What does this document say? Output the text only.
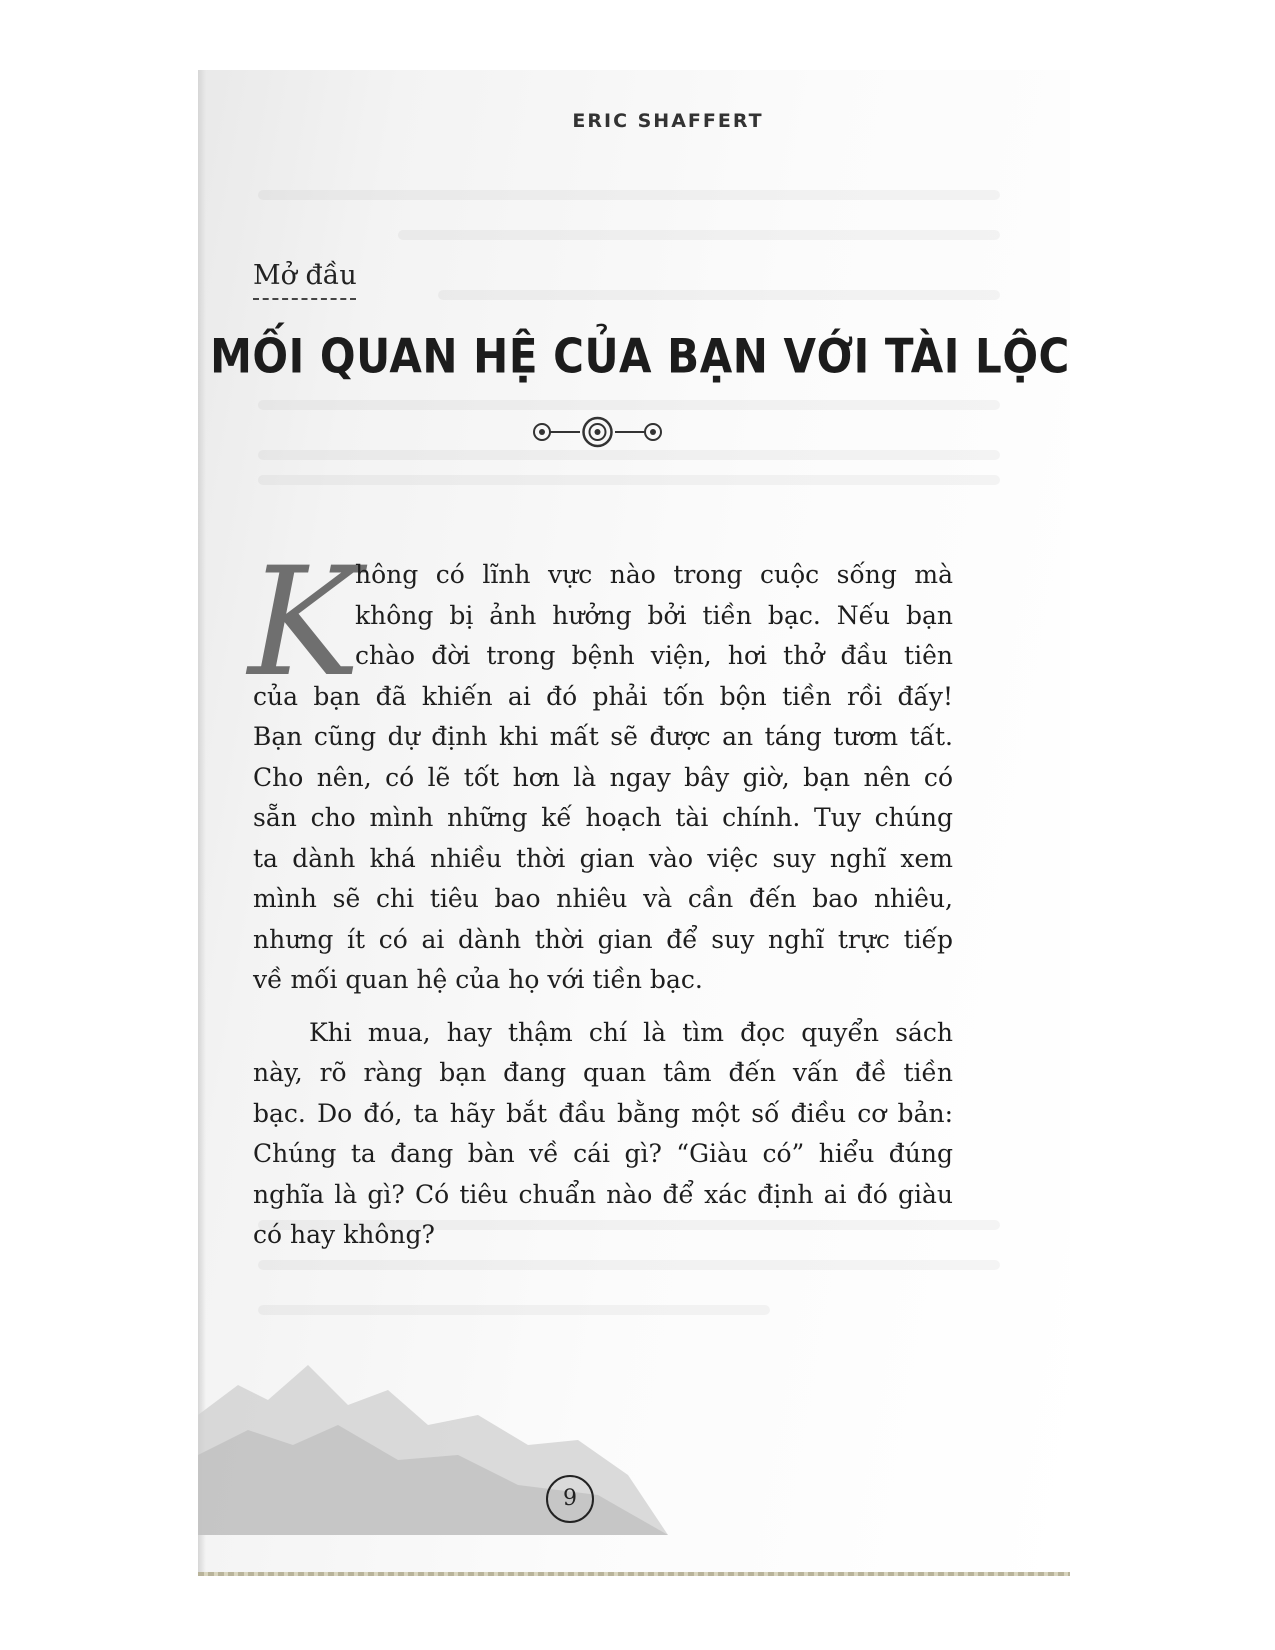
ERIC SHAFFERT
Mở đầu
MỐI QUAN HỆ CỦA BẠN VỚI TÀI LỘC
K
hông có lĩnh vực nào trong cuộc sống mà
không bị ảnh hưởng bởi tiền bạc. Nếu bạn
chào đời trong bệnh viện, hơi thở đầu tiên
của bạn đã khiến ai đó phải tốn bộn tiền rồi đấy!
Bạn cũng dự định khi mất sẽ được an táng tươm tất.
Cho nên, có lẽ tốt hơn là ngay bây giờ, bạn nên có
sẵn cho mình những kế hoạch tài chính. Tuy chúng
ta dành khá nhiều thời gian vào việc suy nghĩ xem
mình sẽ chi tiêu bao nhiêu và cần đến bao nhiêu,
nhưng ít có ai dành thời gian để suy nghĩ trực tiếp
về mối quan hệ của họ với tiền bạc.
Khi mua, hay thậm chí là tìm đọc quyển sách
này, rõ ràng bạn đang quan tâm đến vấn đề tiền
bạc. Do đó, ta hãy bắt đầu bằng một số điều cơ bản:
Chúng ta đang bàn về cái gì? “Giàu có” hiểu đúng
nghĩa là gì? Có tiêu chuẩn nào để xác định ai đó giàu
có hay không?
9
